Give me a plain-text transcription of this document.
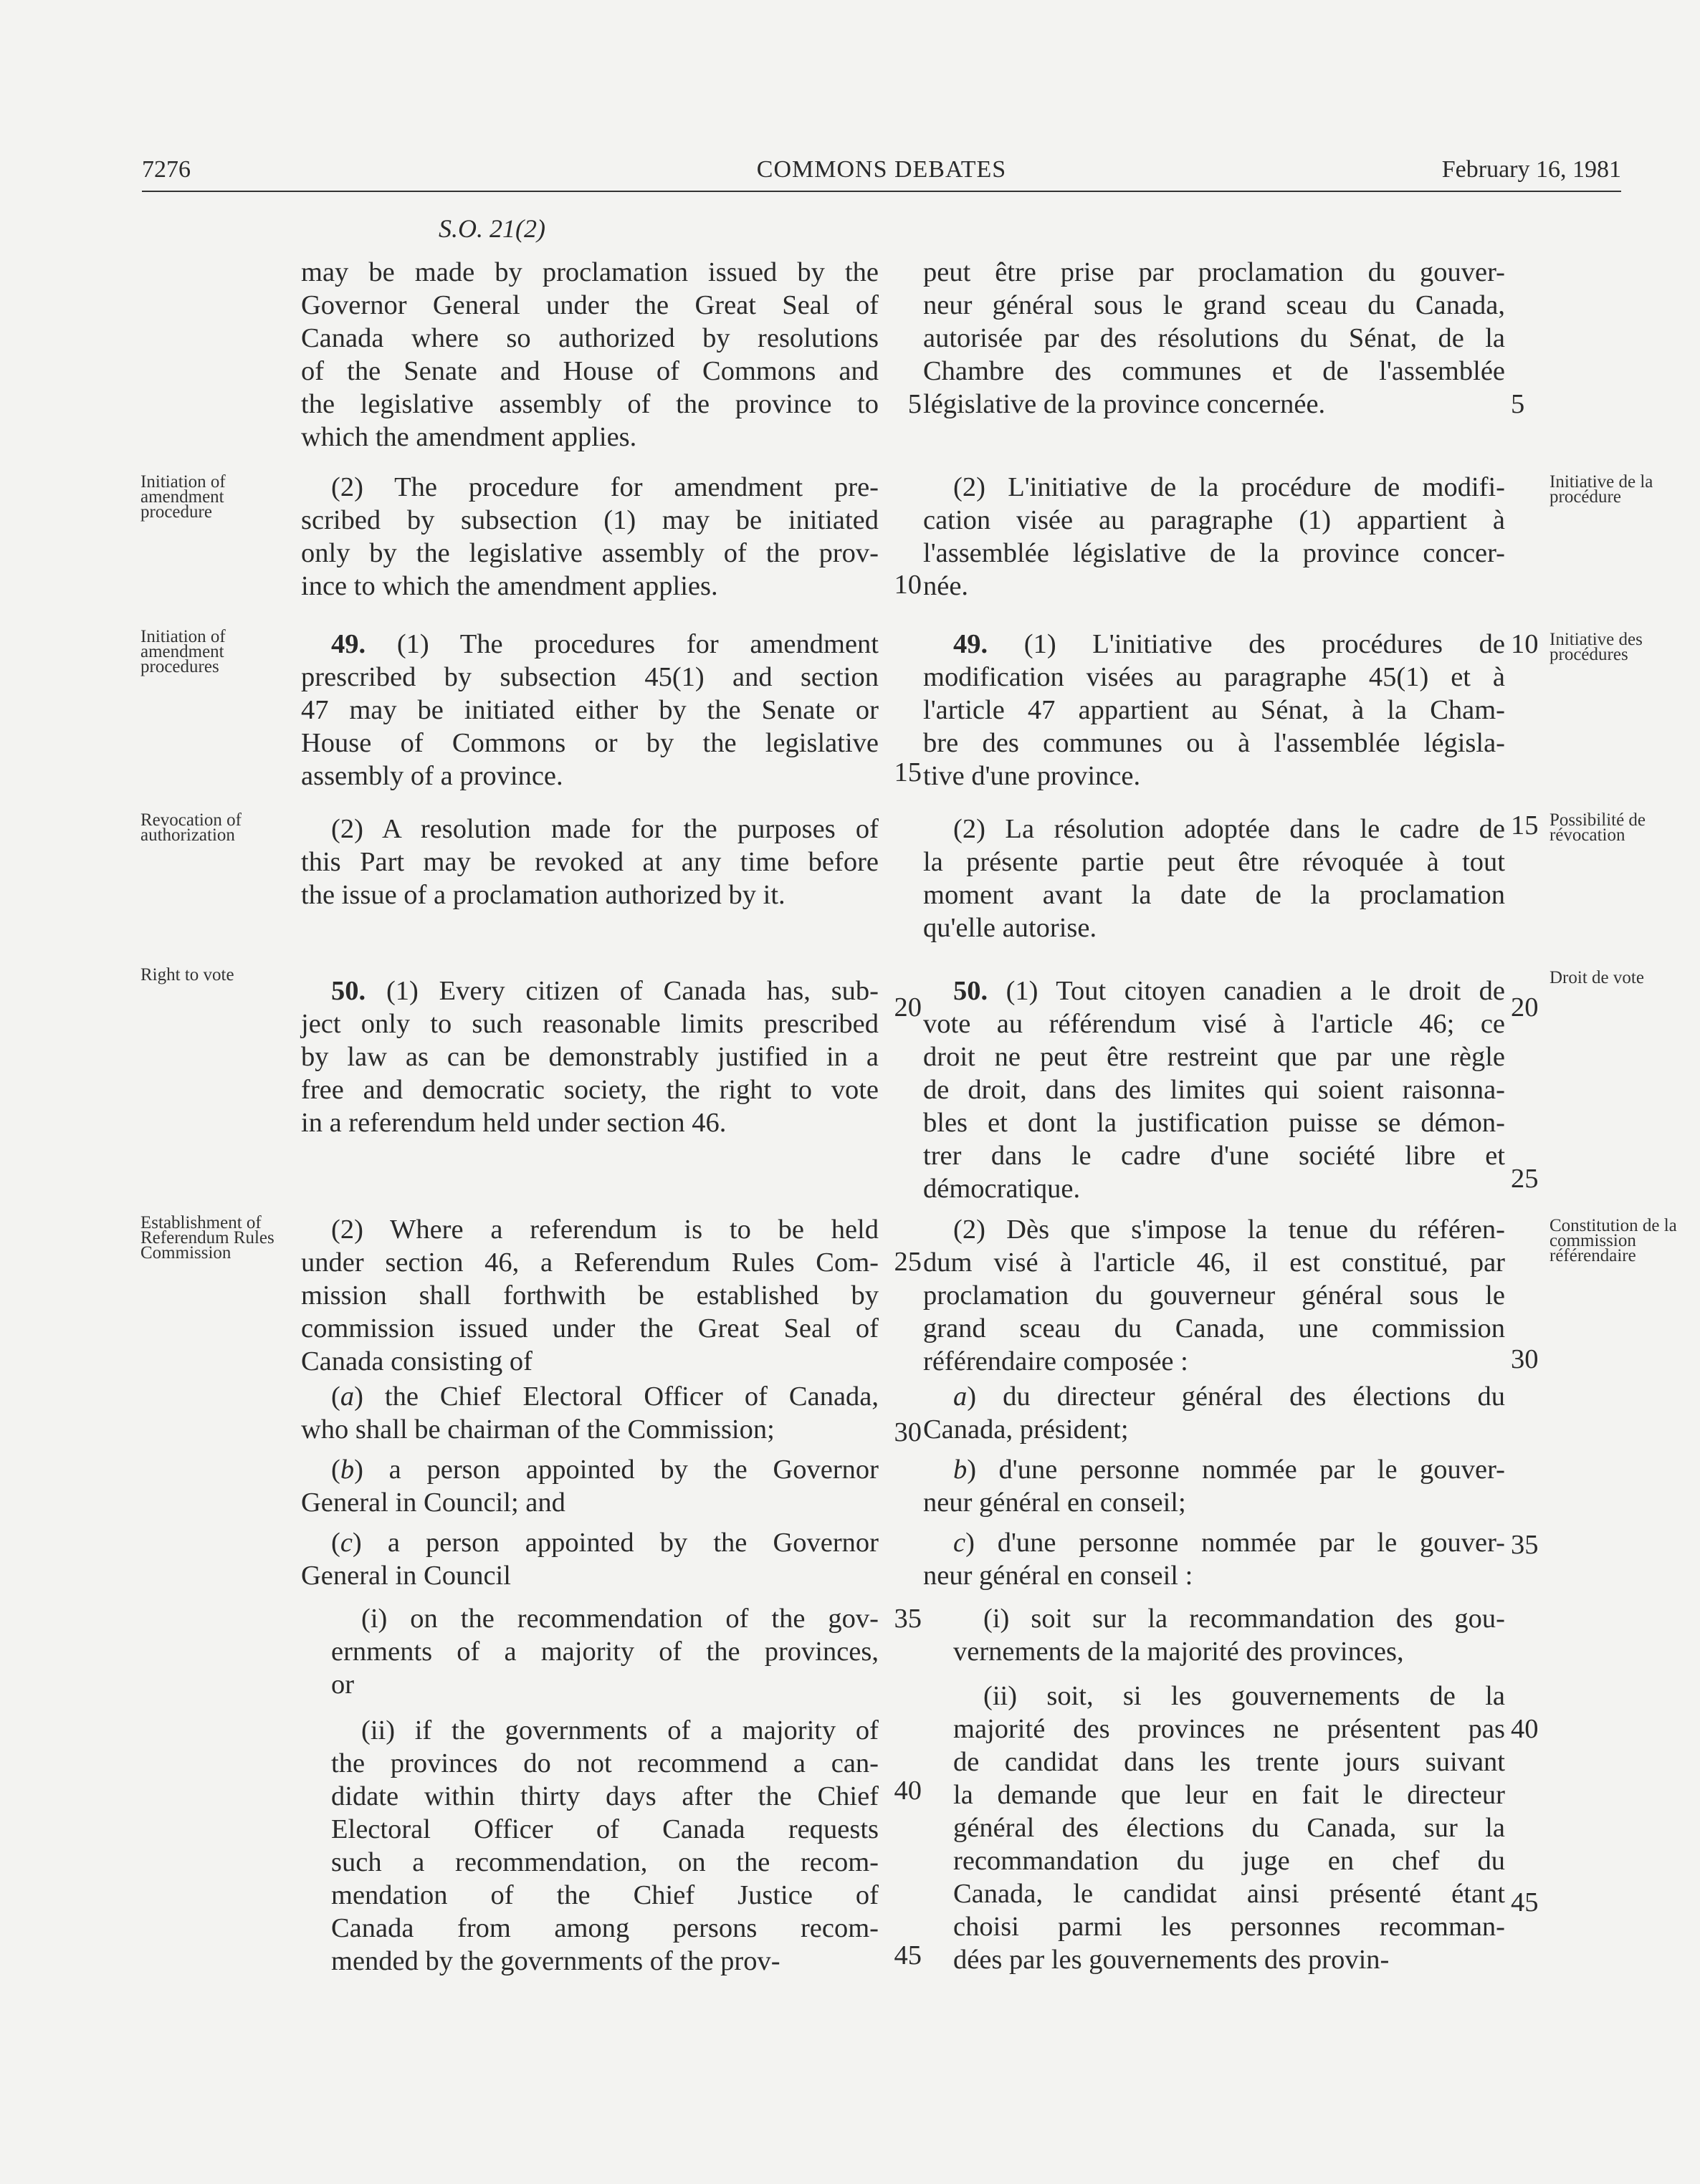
7276	COMMONS DEBATES	February 16, 1981
S.O. 21(2)
may be made by proclamation issued by the
Governor General under the Great Seal of
Canada where so authorized by resolutions
of the Senate and House of Commons and
the legislative assembly of the province to
which the amendment applies.
(2) The procedure for amendment pre-
scribed by subsection (1) may be initiated
only by the legislative assembly of the prov-
ince to which the amendment applies.
49. (1) The procedures for amendment
prescribed by subsection 45(1) and section
47 may be initiated either by the Senate or
House of Commons or by the legislative
assembly of a province.
(2) A resolution made for the purposes of
this Part may be revoked at any time before
the issue of a proclamation authorized by it.
50. (1) Every citizen of Canada has, sub-
ject only to such reasonable limits prescribed
by law as can be demonstrably justified in a
free and democratic society, the right to vote
in a referendum held under section 46.
(2) Where a referendum is to be held
under section 46, a Referendum Rules Com-
mission shall forthwith be established by
commission issued under the Great Seal of
Canada consisting of
(a) the Chief Electoral Officer of Canada,
who shall be chairman of the Commission;
(b) a person appointed by the Governor
General in Council; and
(c) a person appointed by the Governor
General in Council
(i) on the recommendation of the gov-
ernments of a majority of the provinces,
or
(ii) if the governments of a majority of
the provinces do not recommend a can-
didate within thirty days after the Chief
Electoral Officer of Canada requests
such a recommendation, on the recom-
mendation of the Chief Justice of
Canada from among persons recom-
mended by the governments of the prov-
peut être prise par proclamation du gouver-
neur général sous le grand sceau du Canada,
autorisée par des résolutions du Sénat, de la
Chambre des communes et de l'assemblée
législative de la province concernée.
(2) L'initiative de la procédure de modifi-
cation visée au paragraphe (1) appartient à
l'assemblée législative de la province concer-
née.
49. (1) L'initiative des procédures de
modification visées au paragraphe 45(1) et à
l'article 47 appartient au Sénat, à la Cham-
bre des communes ou à l'assemblée législa-
tive d'une province.
(2) La résolution adoptée dans le cadre de
la présente partie peut être révoquée à tout
moment avant la date de la proclamation
qu'elle autorise.
50. (1) Tout citoyen canadien a le droit de
vote au référendum visé à l'article 46; ce
droit ne peut être restreint que par une règle
de droit, dans des limites qui soient raisonna-
bles et dont la justification puisse se démon-
trer dans le cadre d'une société libre et
démocratique.
(2) Dès que s'impose la tenue du référen-
dum visé à l'article 46, il est constitué, par
proclamation du gouverneur général sous le
grand sceau du Canada, une commission
référendaire composée :
a) du directeur général des élections du
Canada, président;
b) d'une personne nommée par le gouver-
neur général en conseil;
c) d'une personne nommée par le gouver-
neur général en conseil :
(i) soit sur la recommandation des gou-
vernements de la majorité des provinces,
(ii) soit, si les gouvernements de la
majorité des provinces ne présentent pas
de candidat dans les trente jours suivant
la demande que leur en fait le directeur
général des élections du Canada, sur la
recommandation du juge en chef du
Canada, le candidat ainsi présenté étant
choisi parmi les personnes recomman-
dées par les gouvernements des provin-
Initiation of amendment procedure
Initiation of amendment procedures
Revocation of authorization
Right to vote
Establishment of Referendum Rules Commission
Initiative de la procédure
Initiative des procédures
Possibilité de révocation
Droit de vote
Constitution de la commission référendaire
5
10
15
20
25
30
35
40
45
5
10
15
20
25
30
35
40
45
